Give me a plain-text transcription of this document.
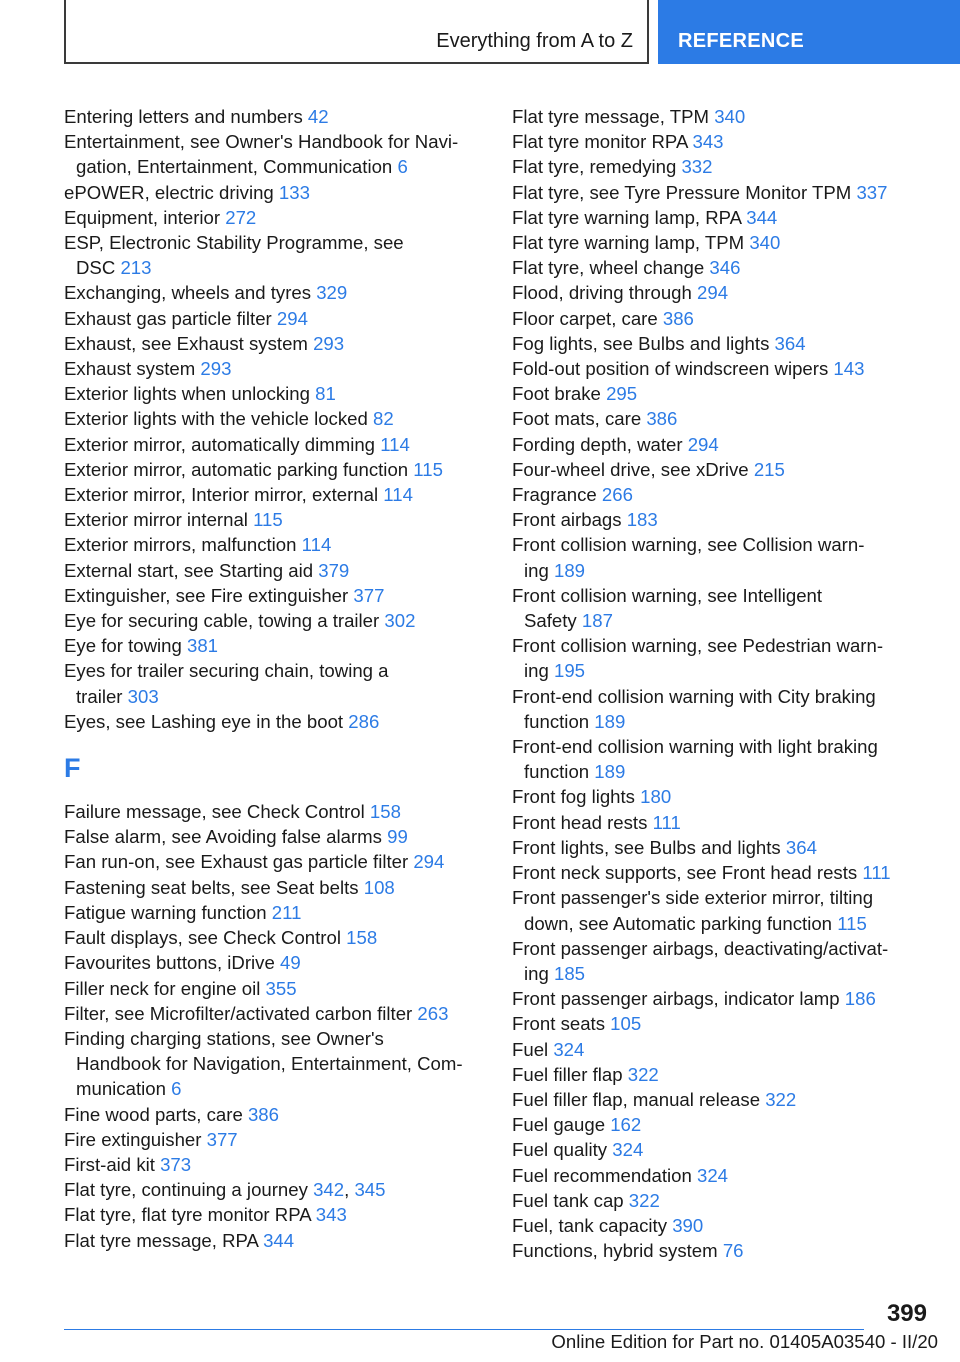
Everything from A to Z REFERENCE

Entering letters and numbers 42

Entertainment, see Owner's Handbook for Navi-
gation, Entertainment, Communication 6

ePOWER, electric driving 133

Equipment, interior 272

ESP, Electronic Stability Programme, see
DSC 213

Exchanging, wheels and tyres 329

Exhaust gas particle filter 294

Exhaust, see Exhaust system 293

Exhaust system 293

Exterior lights when unlocking 81

Exterior lights with the vehicle locked 82

Exterior mirror, automatically dimming 114

Exterior mirror, automatic parking function 115

Exterior mirror, Interior mirror, external 114

Exterior mirror internal 115

Exterior mirrors, malfunction 114

External start, see Starting aid 379

Extinguisher, see Fire extinguisher 377

Eye for securing cable, towing a trailer 302

Eye for towing 381

Eyes for trailer securing chain, towing a
trailer 303

Eyes, see Lashing eye in the boot 286

F

Failure message, see Check Control 158

False alarm, see Avoiding false alarms 99

Fan run-on, see Exhaust gas particle filter 294

Fastening seat belts, see Seat belts 108

Fatigue warning function 211

Fault displays, see Check Control 158

Favourites buttons, iDrive 49

Filler neck for engine oil 355

Filter, see Microfilter/activated carbon filter 263

Finding charging stations, see Owner's
Handbook for Navigation, Entertainment, Com-
munication 6

Fine wood parts, care 386

Fire extinguisher 377

First-aid kit 373

Flat tyre, continuing a journey 342, 345

Flat tyre, flat tyre monitor RPA 343

Flat tyre message, RPA 344

Flat tyre message, TPM 340

Flat tyre monitor RPA 343

Flat tyre, remedying 332

Flat tyre, see Tyre Pressure Monitor TPM 337

Flat tyre warning lamp, RPA 344

Flat tyre warning lamp, TPM 340

Flat tyre, wheel change 346

Flood, driving through 294

Floor carpet, care 386

Fog lights, see Bulbs and lights 364

Fold-out position of windscreen wipers 143

Foot brake 295

Foot mats, care 386

Fording depth, water 294

Four-wheel drive, see xDrive 215

Fragrance 266

Front airbags 183

Front collision warning, see Collision warn-
ing 189

Front collision warning, see Intelligent
Safety 187

Front collision warning, see Pedestrian warn-
ing 195

Front-end collision warning with City braking
function 189

Front-end collision warning with light braking
function 189

Front fog lights 180

Front head rests 111

Front lights, see Bulbs and lights 364

Front neck supports, see Front head rests 111

Front passenger's side exterior mirror, tilting
down, see Automatic parking function 115

Front passenger airbags, deactivating/activat-
ing 185

Front passenger airbags, indicator lamp 186

Front seats 105

Fuel 324

Fuel filler flap 322

Fuel filler flap, manual release 322

Fuel gauge 162

Fuel quality 324

Fuel recommendation 324

Fuel tank cap 322

Fuel, tank capacity 390

Functions, hybrid system 76

399
Online Edition for Part no. 01405A03540 - II/20
